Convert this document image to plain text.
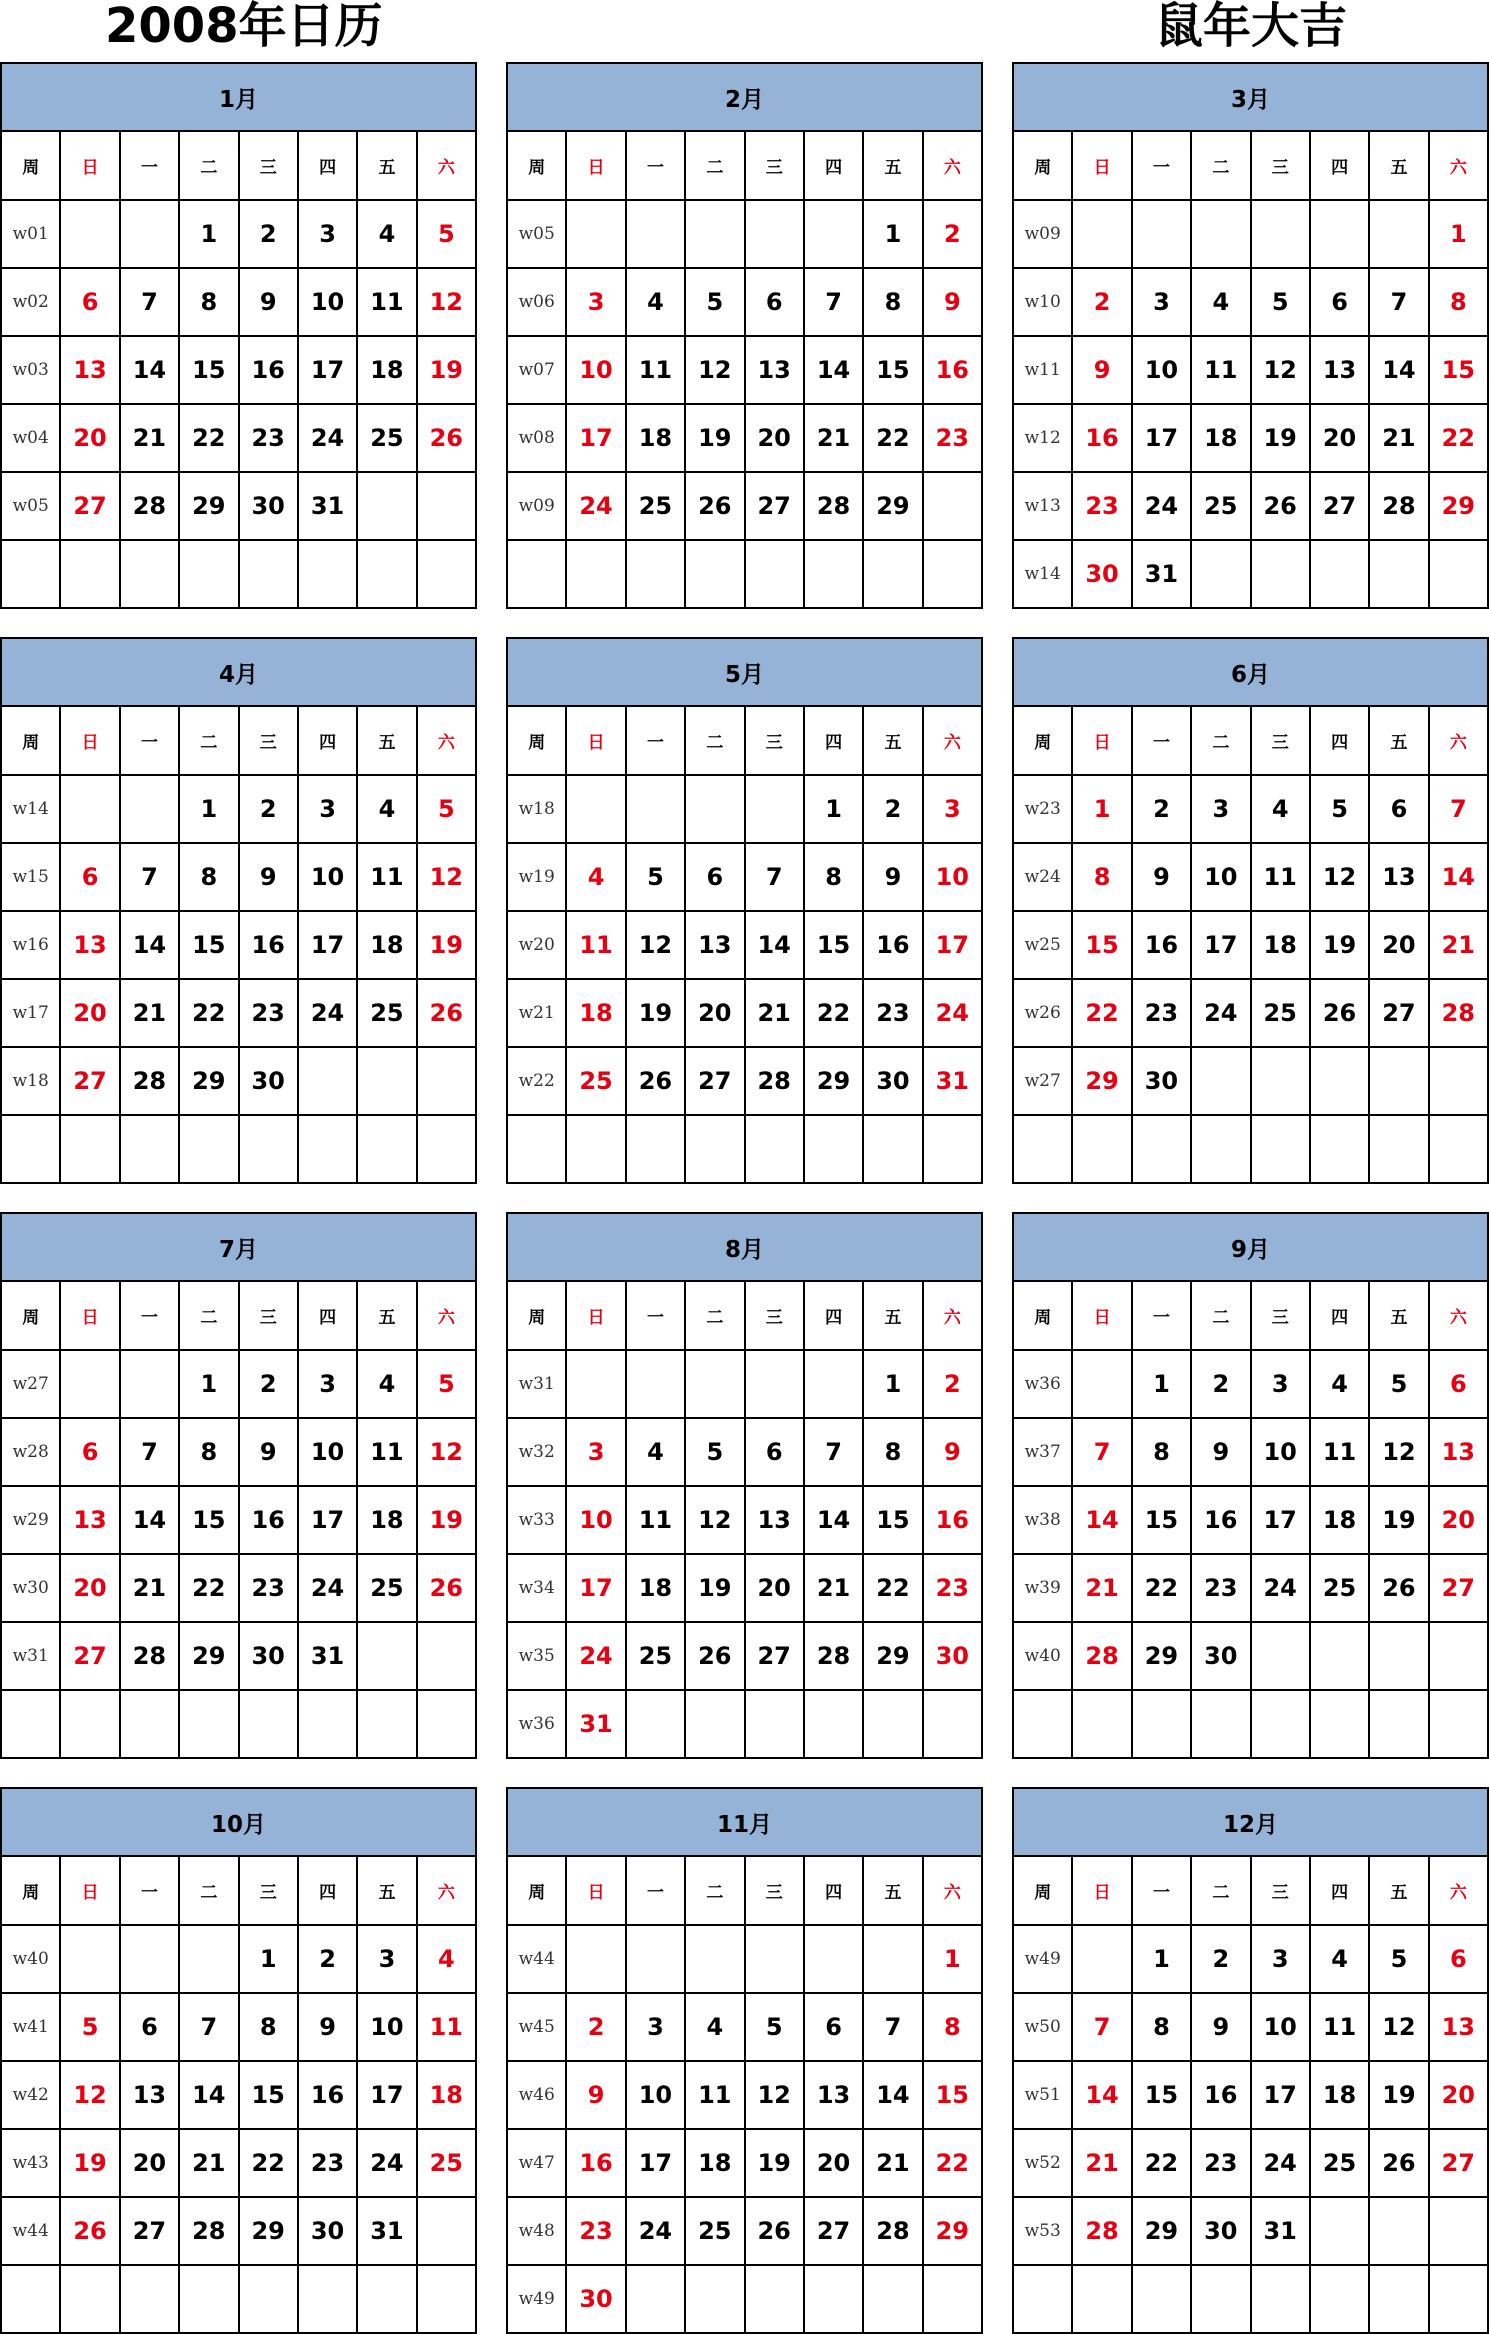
2008年日历	鼠年大吉
1月							
周	日	一	二	三	四	五	六
w01			1	2	3	4	5
w02	6	7	8	9	10	11	12
w03	13	14	15	16	17	18	19
w04	20	21	22	23	24	25	26
w05	27	28	29	30	31		

2月							
周	日	一	二	三	四	五	六
w05						1	2
w06	3	4	5	6	7	8	9
w07	10	11	12	13	14	15	16
w08	17	18	19	20	21	22	23
w09	24	25	26	27	28	29	

3月							
周	日	一	二	三	四	五	六
w09							1
w10	2	3	4	5	6	7	8
w11	9	10	11	12	13	14	15
w12	16	17	18	19	20	21	22
w13	23	24	25	26	27	28	29
w14	30	31					
4月							
周	日	一	二	三	四	五	六
w14			1	2	3	4	5
w15	6	7	8	9	10	11	12
w16	13	14	15	16	17	18	19
w17	20	21	22	23	24	25	26
w18	27	28	29	30			

5月							
周	日	一	二	三	四	五	六
w18					1	2	3
w19	4	5	6	7	8	9	10
w20	11	12	13	14	15	16	17
w21	18	19	20	21	22	23	24
w22	25	26	27	28	29	30	31

6月							
周	日	一	二	三	四	五	六
w23	1	2	3	4	5	6	7
w24	8	9	10	11	12	13	14
w25	15	16	17	18	19	20	21
w26	22	23	24	25	26	27	28
w27	29	30					

7月							
周	日	一	二	三	四	五	六
w27			1	2	3	4	5
w28	6	7	8	9	10	11	12
w29	13	14	15	16	17	18	19
w30	20	21	22	23	24	25	26
w31	27	28	29	30	31		

8月							
周	日	一	二	三	四	五	六
w31						1	2
w32	3	4	5	6	7	8	9
w33	10	11	12	13	14	15	16
w34	17	18	19	20	21	22	23
w35	24	25	26	27	28	29	30
w36	31						
9月							
周	日	一	二	三	四	五	六
w36		1	2	3	4	5	6
w37	7	8	9	10	11	12	13
w38	14	15	16	17	18	19	20
w39	21	22	23	24	25	26	27
w40	28	29	30				

10月							
周	日	一	二	三	四	五	六
w40				1	2	3	4
w41	5	6	7	8	9	10	11
w42	12	13	14	15	16	17	18
w43	19	20	21	22	23	24	25
w44	26	27	28	29	30	31	

11月							
周	日	一	二	三	四	五	六
w44							1
w45	2	3	4	5	6	7	8
w46	9	10	11	12	13	14	15
w47	16	17	18	19	20	21	22
w48	23	24	25	26	27	28	29
w49	30						
12月							
周	日	一	二	三	四	五	六
w49		1	2	3	4	5	6
w50	7	8	9	10	11	12	13
w51	14	15	16	17	18	19	20
w52	21	22	23	24	25	26	27
w53	28	29	30	31			
